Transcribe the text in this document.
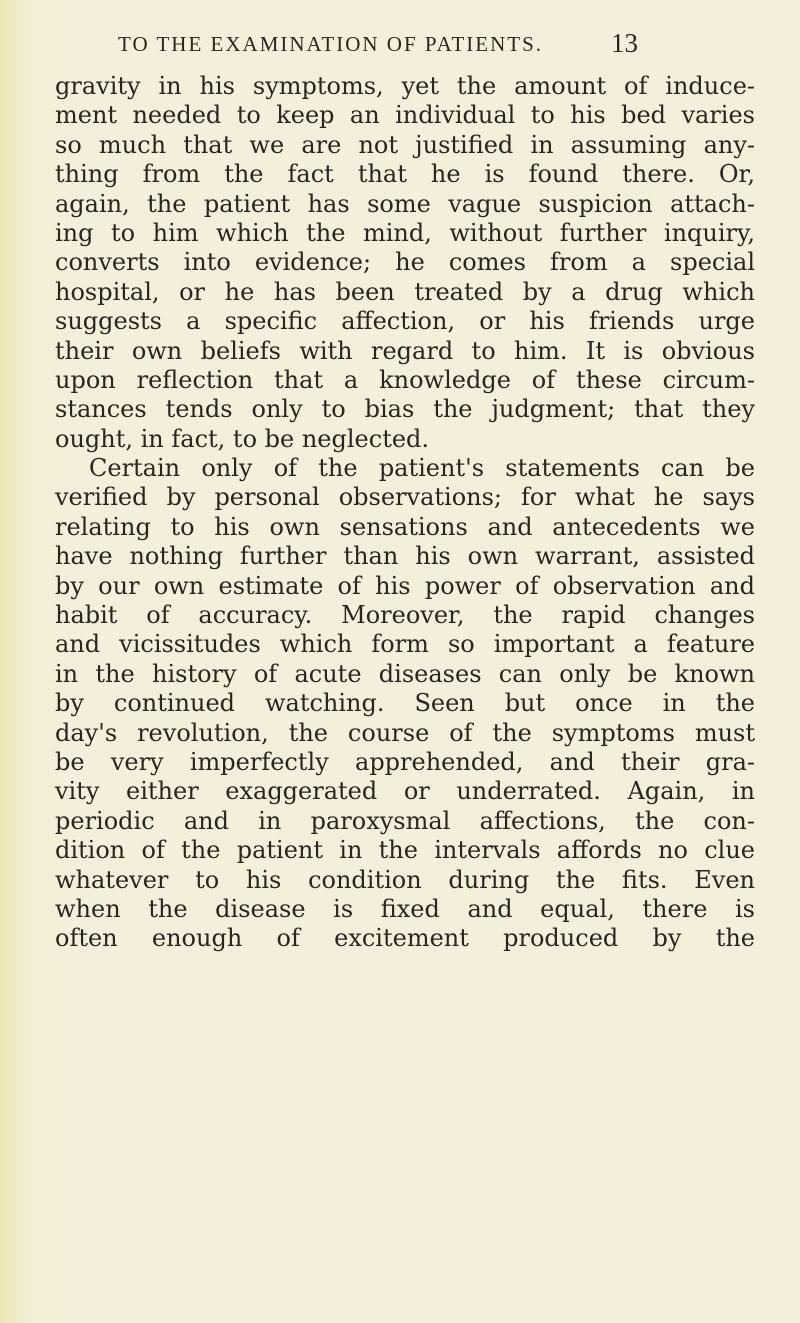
TO THE EXAMINATION OF PATIENTS.	13
gravity in his symptoms, yet the amount of induce-
ment needed to keep an individual to his bed varies
so much that we are not justified in assuming any-
thing from the fact that he is found there. Or,
again, the patient has some vague suspicion attach-
ing to him which the mind, without further inquiry,
converts into evidence; he comes from a special
hospital, or he has been treated by a drug which
suggests a specific affection, or his friends urge
their own beliefs with regard to him. It is obvious
upon reflection that a knowledge of these circum-
stances tends only to bias the judgment; that they
ought, in fact, to be neglected.
Certain only of the patient's statements can be
verified by personal observations; for what he says
relating to his own sensations and antecedents we
have nothing further than his own warrant, assisted
by our own estimate of his power of observation and
habit of accuracy. Moreover, the rapid changes
and vicissitudes which form so important a feature
in the history of acute diseases can only be known
by continued watching. Seen but once in the
day's revolution, the course of the symptoms must
be very imperfectly apprehended, and their gra-
vity either exaggerated or underrated. Again, in
periodic and in paroxysmal affections, the con-
dition of the patient in the intervals affords no clue
whatever to his condition during the fits. Even
when the disease is fixed and equal, there is
often enough of excitement produced by the
